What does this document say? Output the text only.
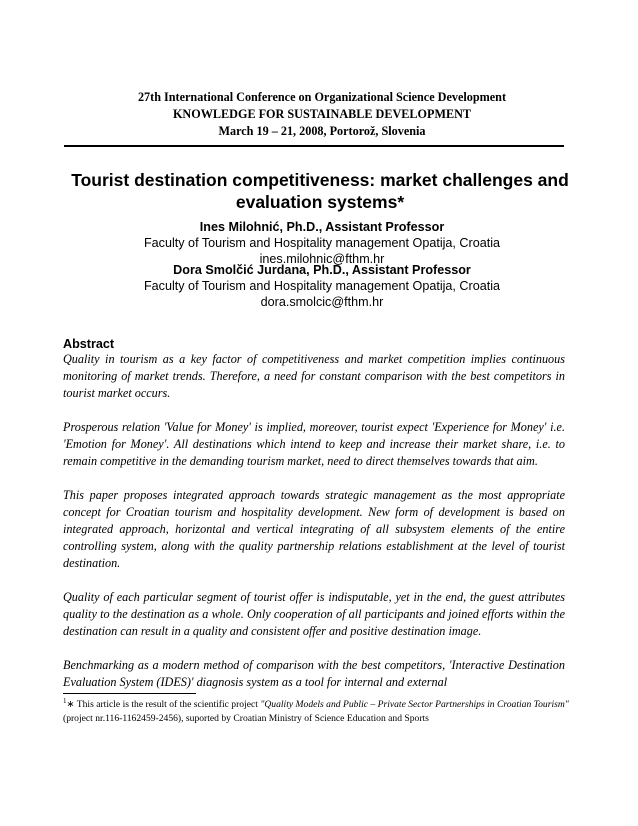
27th International Conference on Organizational Science Development
KNOWLEDGE FOR SUSTAINABLE DEVELOPMENT
March 19 – 21, 2008, Portorož, Slovenia
Tourist destination competitiveness: market challenges and
evaluation systems*
Ines Milohnić, Ph.D., Assistant Professor
Faculty of Tourism and Hospitality management Opatija, Croatia
ines.milohnic@fthm.hr
Dora Smolčić Jurdana, Ph.D., Assistant Professor
Faculty of Tourism and Hospitality management Opatija, Croatia
dora.smolcic@fthm.hr
Abstract

Quality in tourism as a key factor of competitiveness and market competition implies continuous monitoring of market trends. Therefore, a need for constant comparison with the best competitors in tourist market occurs.

Prosperous relation 'Value for Money' is implied, moreover, tourist expect 'Experience for Money' i.e. 'Emotion for Money'. All destinations which intend to keep and increase their market share, i.e. to remain competitive in the demanding tourism market, need to direct themselves towards that aim.

This paper proposes integrated approach towards strategic management as the most appropriate concept for Croatian tourism and hospitality development. New form of development is based on integrated approach, horizontal and vertical integrating of all subsystem elements of the entire controlling system, along with the quality partnership relations establishment at the level of tourist destination.

Quality of each particular segment of tourist offer is indisputable, yet in the end, the guest attributes quality to the destination as a whole. Only cooperation of all participants and joined efforts within the destination can result in a quality and consistent offer and positive destination image.

Benchmarking as a modern method of comparison with the best competitors, 'Interactive Destination Evaluation System (IDES)' diagnosis system as a tool for internal and external

$^1$∗ This article is the result of the scientific project "Quality Models and Public – Private Sector Partnerships in Croatian Tourism" (project nr.116-1162459-2456), suported by Croatian Ministry of Science Education and Sports
